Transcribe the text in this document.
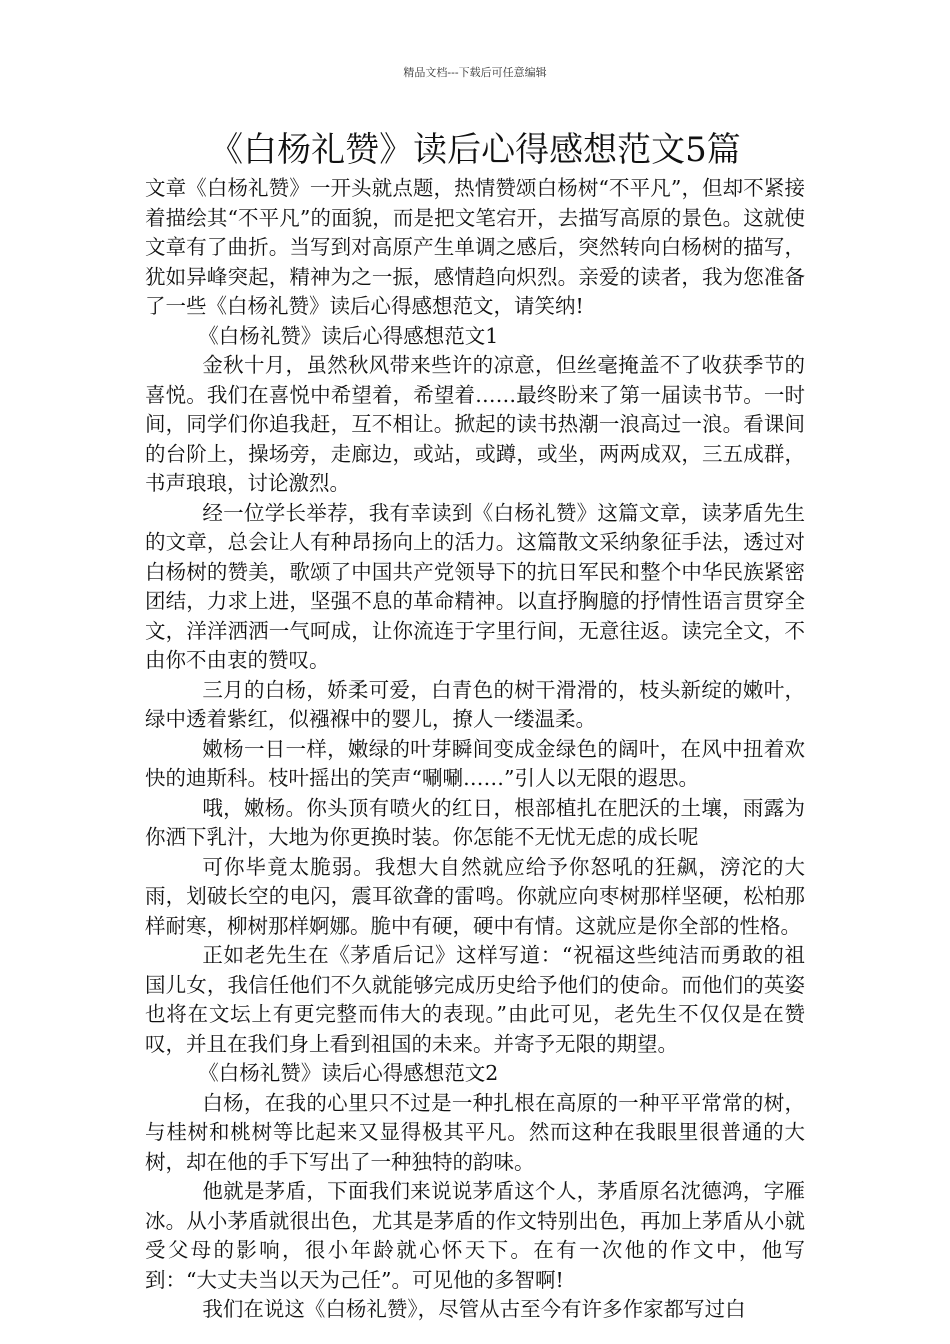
精品文档---下载后可任意编辑
《白杨礼赞》读后心得感想范文5篇

文章《白杨礼赞》一开头就点题，热情赞颂白杨树“不平凡”，但却不紧接着描绘其“不平凡”的面貌，而是把文笔宕开，去描写高原的景色。这就使文章有了曲折。当写到对高原产生单调之感后，突然转向白杨树的描写，犹如异峰突起，精神为之一振，感情趋向炽烈。亲爱的读者，我为您准备了一些《白杨礼赞》读后心得感想范文，请笑纳!

《白杨礼赞》读后心得感想范文1

金秋十月，虽然秋风带来些许的凉意，但丝毫掩盖不了收获季节的喜悦。我们在喜悦中希望着，希望着……最终盼来了第一届读书节。一时间，同学们你追我赶，互不相让。掀起的读书热潮一浪高过一浪。看课间的台阶上，操场旁，走廊边，或站，或蹲，或坐，两两成双，三五成群，书声琅琅，讨论激烈。

经一位学长举荐，我有幸读到《白杨礼赞》这篇文章，读茅盾先生的文章，总会让人有种昂扬向上的活力。这篇散文采纳象征手法，透过对白杨树的赞美，歌颂了中国共产党领导下的抗日军民和整个中华民族紧密团结，力求上进，坚强不息的革命精神。以直抒胸臆的抒情性语言贯穿全文，洋洋洒洒一气呵成，让你流连于字里行间，无意往返。读完全文，不由你不由衷的赞叹。

三月的白杨，娇柔可爱，白青色的树干滑滑的，枝头新绽的嫩叶，绿中透着紫红，似襁褓中的婴儿，撩人一缕温柔。

嫩杨一日一样，嫩绿的叶芽瞬间变成金绿色的阔叶，在风中扭着欢快的迪斯科。枝叶摇出的笑声“唰唰……”引人以无限的遐思。

哦，嫩杨。你头顶有喷火的红日，根部植扎在肥沃的土壤，雨露为你洒下乳汁，大地为你更换时装。你怎能不无忧无虑的成长呢

可你毕竟太脆弱。我想大自然就应给予你怒吼的狂飙，滂沱的大雨，划破长空的电闪，震耳欲聋的雷鸣。你就应向枣树那样坚硬，松柏那样耐寒，柳树那样婀娜。脆中有硬，硬中有情。这就应是你全部的性格。

正如老先生在《茅盾后记》这样写道：“祝福这些纯洁而勇敢的祖国儿女，我信任他们不久就能够完成历史给予他们的使命。而他们的英姿也将在文坛上有更完整而伟大的表现。”由此可见，老先生不仅仅是在赞叹，并且在我们身上看到祖国的未来。并寄予无限的期望。

《白杨礼赞》读后心得感想范文2

白杨，在我的心里只不过是一种扎根在高原的一种平平常常的树，与桂树和桃树等比起来又显得极其平凡。然而这种在我眼里很普通的大树，却在他的手下写出了一种独特的韵味。

他就是茅盾，下面我们来说说茅盾这个人，茅盾原名沈德鸿，字雁冰。从小茅盾就很出色，尤其是茅盾的作文特别出色，再加上茅盾从小就受父母的影响，很小年龄就心怀天下。在有一次他的作文中，他写到：“大丈夫当以天为己任”。可见他的多智啊!

我们在说这《白杨礼赞》，尽管从古至今有许多作家都写过白
